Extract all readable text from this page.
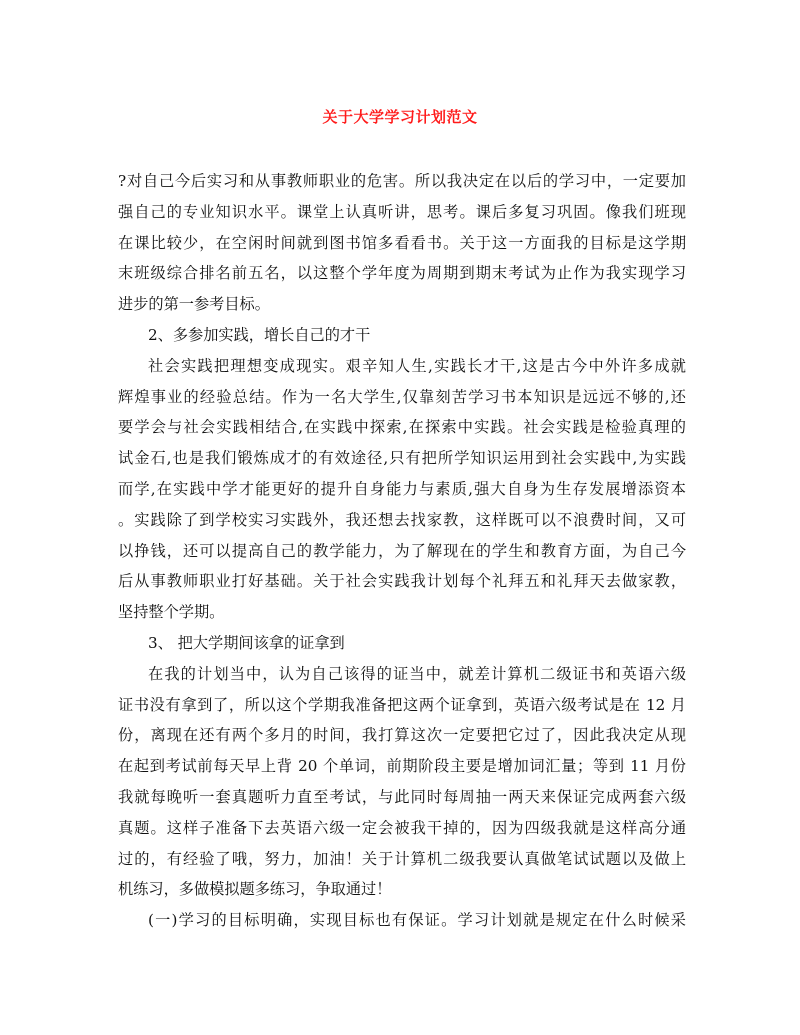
关于大学学习计划范文
?对自己今后实习和从事教师职业的危害。所以我决定在以后的学习中，一定要加
强自己的专业知识水平。课堂上认真听讲，思考。课后多复习巩固。像我们班现
在课比较少，在空闲时间就到图书馆多看看书。关于这一方面我的目标是这学期
末班级综合排名前五名，以这整个学年度为周期到期末考试为止作为我实现学习
进步的第一参考目标。
2、多参加实践，增长自己的才干
社会实践把理想变成现实。艰辛知人生,实践长才干,这是古今中外许多成就
辉煌事业的经验总结。作为一名大学生,仅靠刻苦学习书本知识是远远不够的,还
要学会与社会实践相结合,在实践中探索,在探索中实践。社会实践是检验真理的
试金石,也是我们锻炼成才的有效途径,只有把所学知识运用到社会实践中,为实践
而学,在实践中学才能更好的提升自身能力与素质,强大自身为生存发展增添资本
。实践除了到学校实习实践外，我还想去找家教，这样既可以不浪费时间，又可
以挣钱，还可以提高自己的教学能力，为了解现在的学生和教育方面，为自己今
后从事教师职业打好基础。关于社会实践我计划每个礼拜五和礼拜天去做家教，
坚持整个学期。
3、 把大学期间该拿的证拿到
在我的计划当中，认为自己该得的证当中，就差计算机二级证书和英语六级
证书没有拿到了，所以这个学期我准备把这两个证拿到，英语六级考试是在 12 月
份，离现在还有两个多月的时间，我打算这次一定要把它过了，因此我决定从现
在起到考试前每天早上背 20 个单词，前期阶段主要是增加词汇量；等到 11 月份
我就每晚听一套真题听力直至考试，与此同时每周抽一两天来保证完成两套六级
真题。这样子准备下去英语六级一定会被我干掉的，因为四级我就是这样高分通
过的，有经验了哦，努力，加油！关于计算机二级我要认真做笔试试题以及做上
机练习，多做模拟题多练习，争取通过！
(一)学习的目标明确，实现目标也有保证。学习计划就是规定在什么时候采
